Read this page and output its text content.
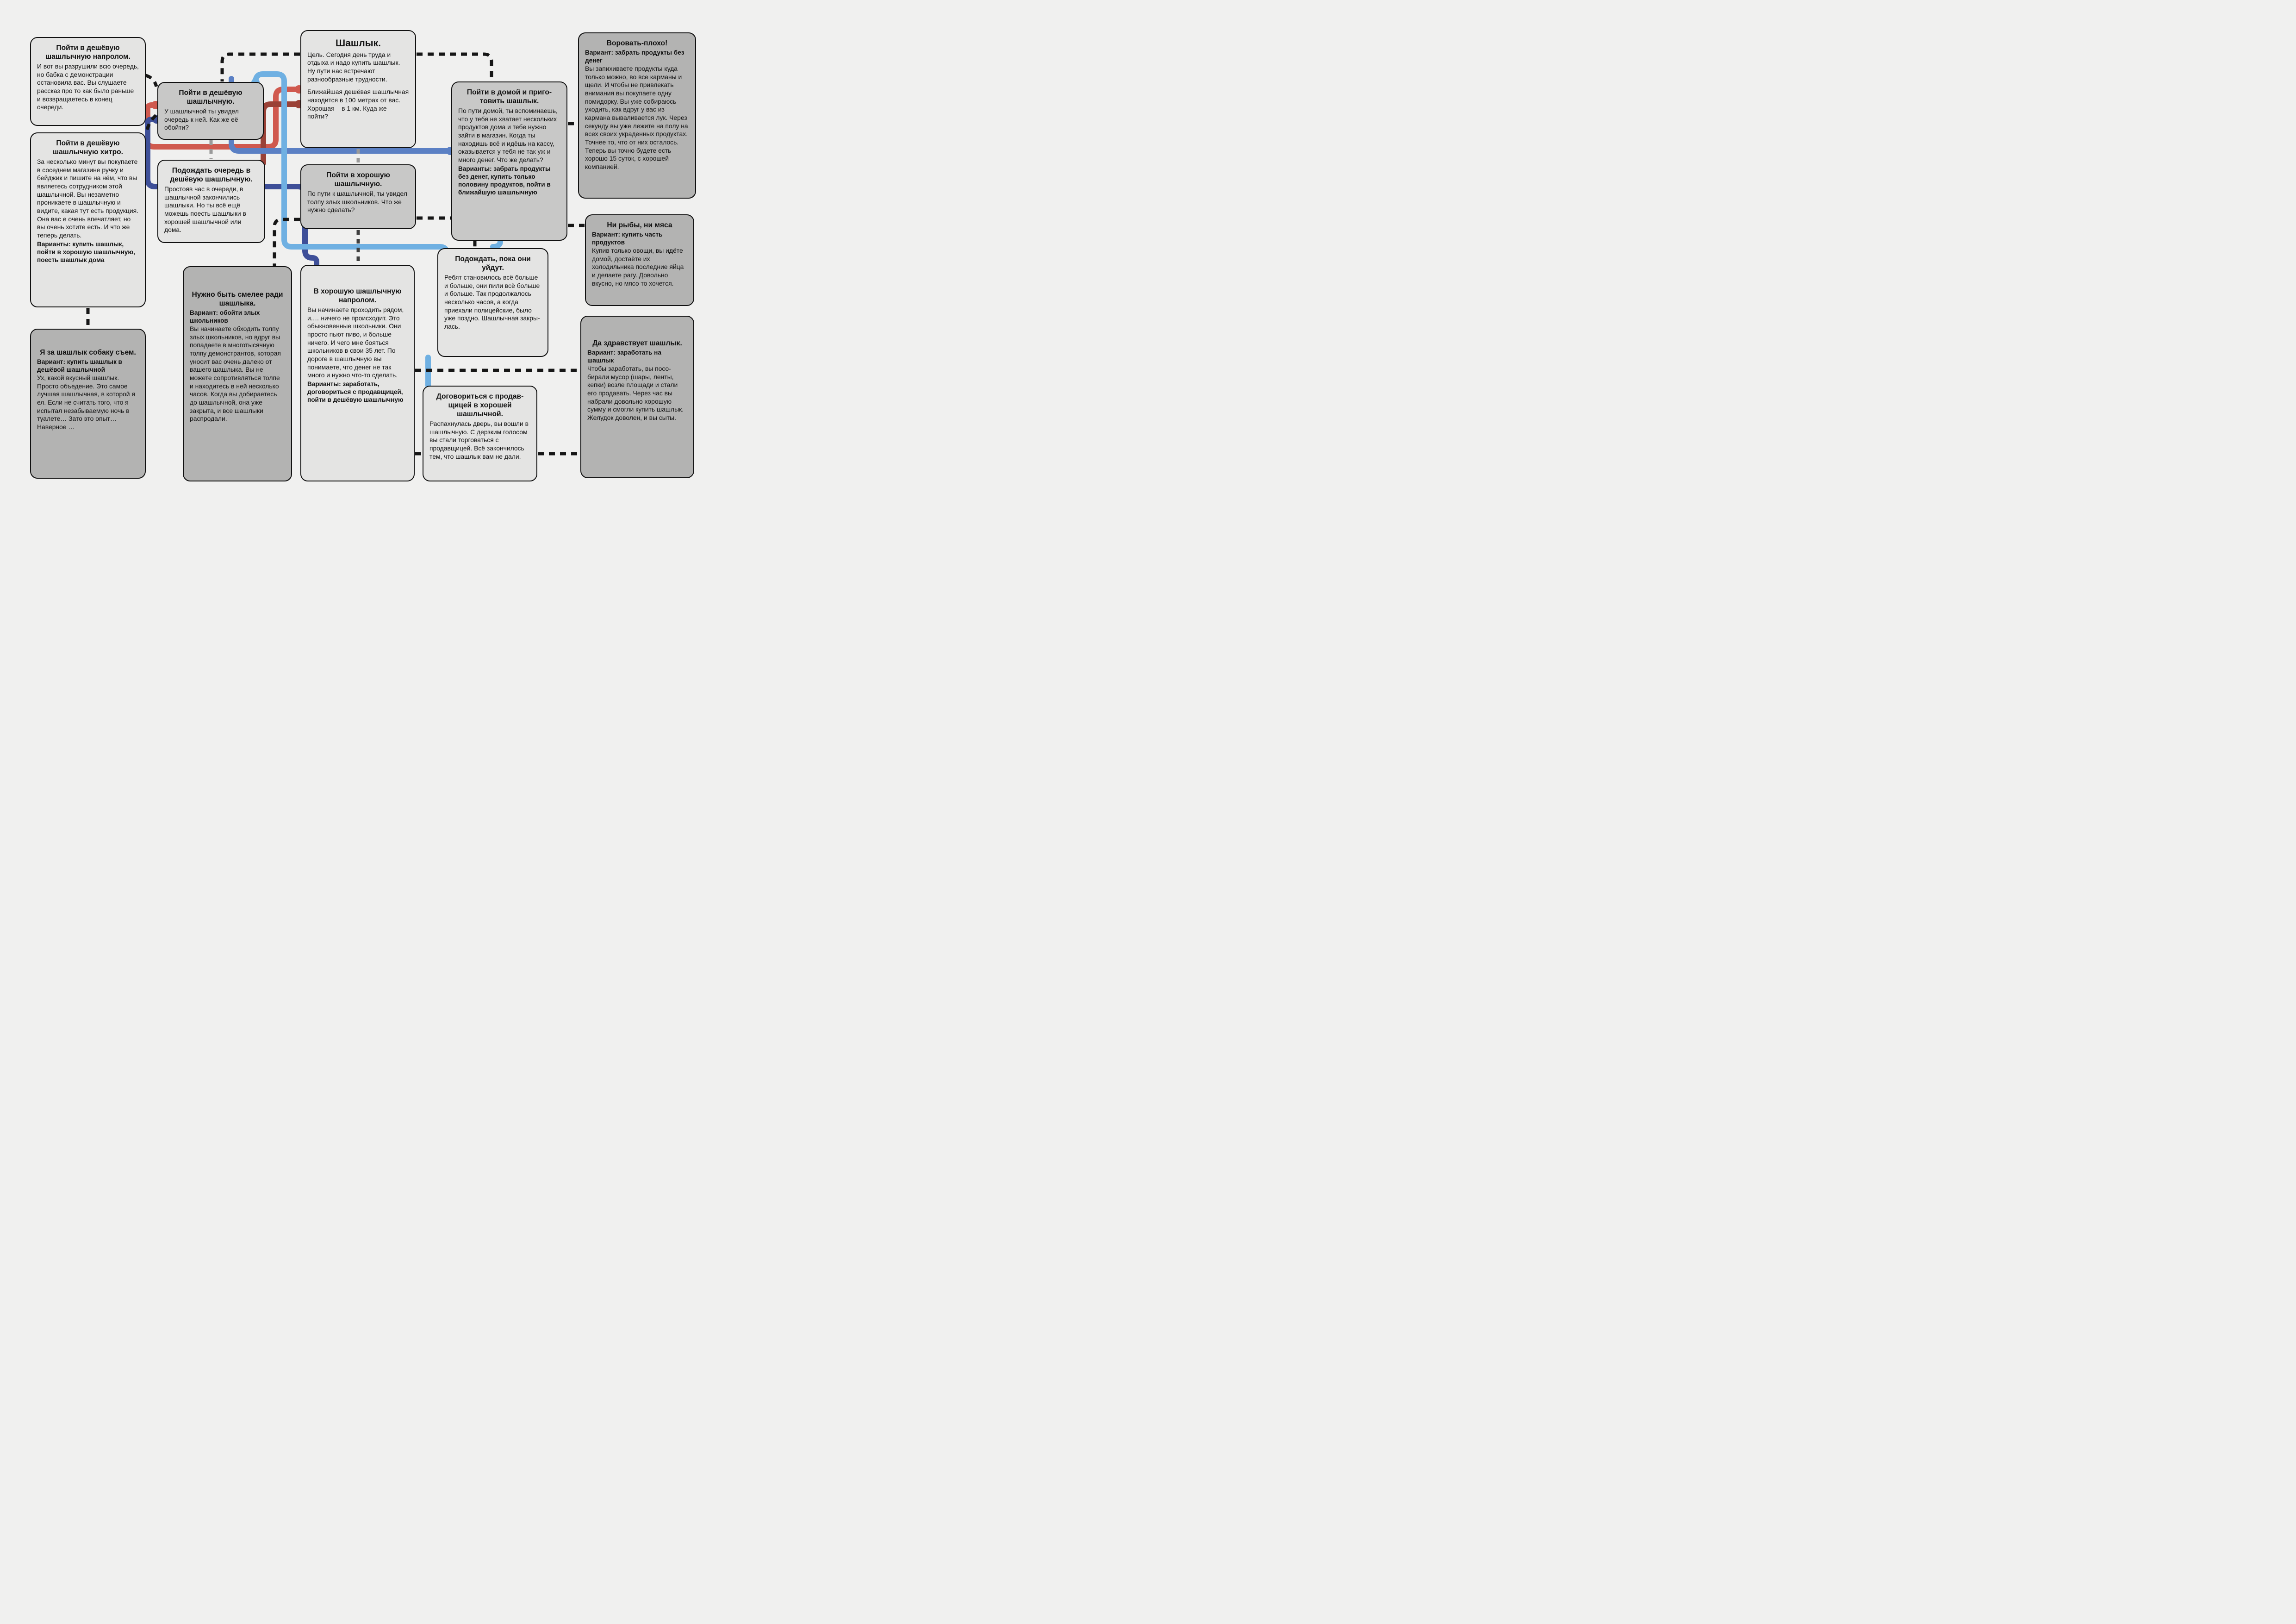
Пойти в дешёвую шашлычную напролом.
И вот вы разрушили всю очередь, но бабка с демонстрации остановила вас. Вы слушаете рассказ про то как было раньше и возвращаетесь в конец очереди.
Пойти в дешёвую шашлычную хитро.
За несколько минут вы покупаете в соседнем магазине ручку и бейджик и пишите на нём, что вы являетесь сотрудником этой шашлычной. Вы незаметно проникаете в шашлычную и видите, какая тут есть продукция. Она вас е очень впечатляет, но вы очень хотите есть. И что же теперь делать.
Варианты: купить шашлык, пойти в хорошую шашлычную, поесть шашлык дома
Пойти в дешёвую шашлычную.
У шашлычной ты увидел очередь к ней. Как же её обойти?
Подождать очередь в дешёвую шашлычную.
Простояв час в очереди, в шашлычной закончились шашлыки. Но ты всё ещё можешь поесть шашлыки в хорошей шашлычной или дома.
Шашлык.
Цель. Сегодня день труда и отдыха и надо купить шашлык. Ну пути нас встречают разнообразные трудности.
Ближайшая дешёвая шашлычная находится в 100 метрах от вас. Хорошая – в 1 км. Куда же пойти?
Пойти в хорошую шашлычную.
По пути к шашлычной, ты увидел толпу злых школьников. Что же нужно сделать?
Пойти в домой и приготовить шашлык.
По пути домой, ты вспоминаешь, что у тебя не хватает нескольких продуктов дома и тебе нужно зайти в магазин. Когда ты находишь всё и идёшь на кассу, оказывается у тебя не так уж и много денег. Что же делать?
Варианты: забрать продукты без денег, купить только половину продуктов, пойти в ближайшую шашлычную
Воровать-плохо!
Вариант: забрать продукты без денег
Вы запихиваете продукты куда только можно, во все карманы и щели. И чтобы не привлекать внимания вы покупаете одну помидорку. Вы уже собираюсь уходить, как вдруг у вас из кармана вываливается лук. Через секунду вы уже лежите на полу на всех своих украденных продуктах. Точнее то, что от них осталось. Теперь вы точно будете есть хорошо 15 суток, с хорошей компанией.
Ни рыбы, ни мяса
Вариант: купить часть продуктов
Купив только овощи, вы идёте домой, достаёте их холодильника последние яйца и делаете рагу. Довольно вкусно, но мясо то хочется.
Я за шашлык собаку съем.
Вариант: купить шашлык в дешёвой шашлычной
Ух, какой вкусный шашлык. Просто объедение. Это самое лучшая шашлычная, в которой я ел. Если не считать того, что я испытал незабываемую ночь в туалете… Зато это опыт… Наверное …
Нужно быть смелее ради шашлыка.
Вариант: обойти злых школьников
Вы начинаете обходить толпу злых школьников, но вдруг вы попадаете в многотысячную толпу демонстрантов, которая уносит вас очень далеко от вашего шашлыка. Вы не можете сопротивляться толпе и находитесь в ней несколько часов. Когда вы добираетесь до шашлычной, она уже закрыта, и все шашлыки распродали.
В хорошую шашлычную напролом.
Вы начинаете проходить рядом, и.… ничего не происходит. Это обыкновенные школьники. Они просто пьют пиво, и больше ничего. И чего мне бояться школьников в свои 35 лет. По дороге в шашлычную вы понимаете, что денег не так много и нужно что-то сделать.
Варианты: заработать, договориться с продавщицей, пойти в дешёвую шашлычную
Подождать, пока они уйдут.
Ребят становилось всё больше и больше, они пили всё больше и больше. Так продолжалось несколько часов, а когда приехали полицейские, было уже поздно. Шашлычная закрылась.
Договориться с продавщицей в хорошей шашлычной.
Распахнулась дверь, вы вошли в шашлычную. С дерзким голосом вы стали торговаться с продавщицей. Всё закончилось тем, что шашлык вам не дали.
Да здравствует шашлык.
Вариант: заработать на шашлык
Чтобы заработать, вы пособирали мусор (шары, ленты, кепки) возле площади и стали его продавать. Через час вы набрали довольно хорошую сумму и смогли купить шашлык. Желудок доволен, и вы сыты.
